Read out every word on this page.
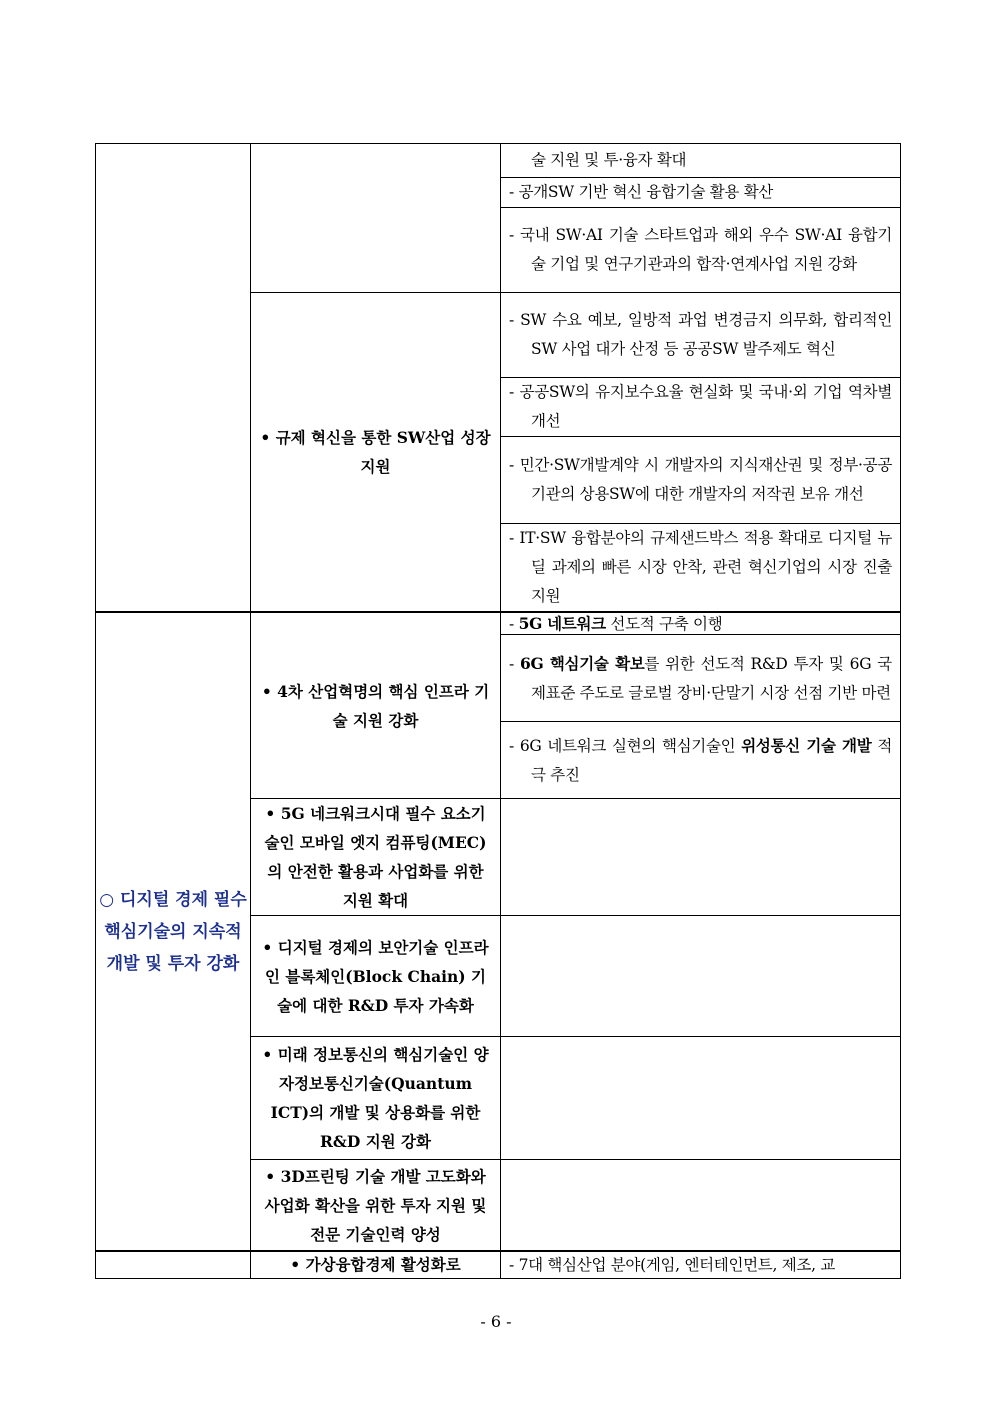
		술 지원 및 투·융자 확대

		- 공개SW 기반 혁신 융합기술 활용 확산

		- 국내 SW·AI 기술 스타트업과 해외 우수 SW·AI 융합기술 기업 및 연구기관과의 합작·연계사업 지원 강화

	• 규제 혁신을 통한 SW산업 성장 지원	- SW 수요 예보, 일방적 과업 변경금지 의무화, 합리적인 SW 사업 대가 산정 등 공공SW 발주제도 혁신

		- 공공SW의 유지보수요율 현실화 및 국내·외 기업 역차별 개선

		- 민간·SW개발계약 시 개발자의 지식재산권 및 정부·공공기관의 상용SW에 대한 개발자의 저작권 보유 개선

		- IT·SW 융합분야의 규제샌드박스 적용 확대로 디지털 뉴딜 과제의 빠른 시장 안착, 관련 혁신기업의 시장 진출 지원

○ 디지털 경제 필수 핵심기술의 지속적 개발 및 투자 강화	• 4차 산업혁명의 핵심 인프라 기술 지원 강화	- 5G 네트워크 선도적 구축 이행

		- 6G 핵심기술 확보를 위한 선도적 R&D 투자 및 6G 국제표준 주도로 글로벌 장비·단말기 시장 선점 기반 마련

		- 6G 네트워크 실현의 핵심기술인 위성통신 기술 개발 적극 추진

	• 5G 네크워크시대 필수 요소기술인 모바일 엣지 컴퓨팅(MEC)의 안전한 활용과 사업화를 위한 지원 확대	

	• 디지털 경제의 보안기술 인프라인 블록체인(Block Chain) 기술에 대한 R&D 투자 가속화	

	• 미래 정보통신의 핵심기술인 양자정보통신기술(Quantum ICT)의 개발 및 상용화를 위한 R&D 지원 강화	

	• 3D프린팅 기술 개발 고도화와 사업화 확산을 위한 투자 지원 및 전문 기술인력 양성	

	• 가상융합경제 활성화로	- 7대 핵심산업 분야(게임, 엔터테인먼트, 제조, 교
- 6 -
